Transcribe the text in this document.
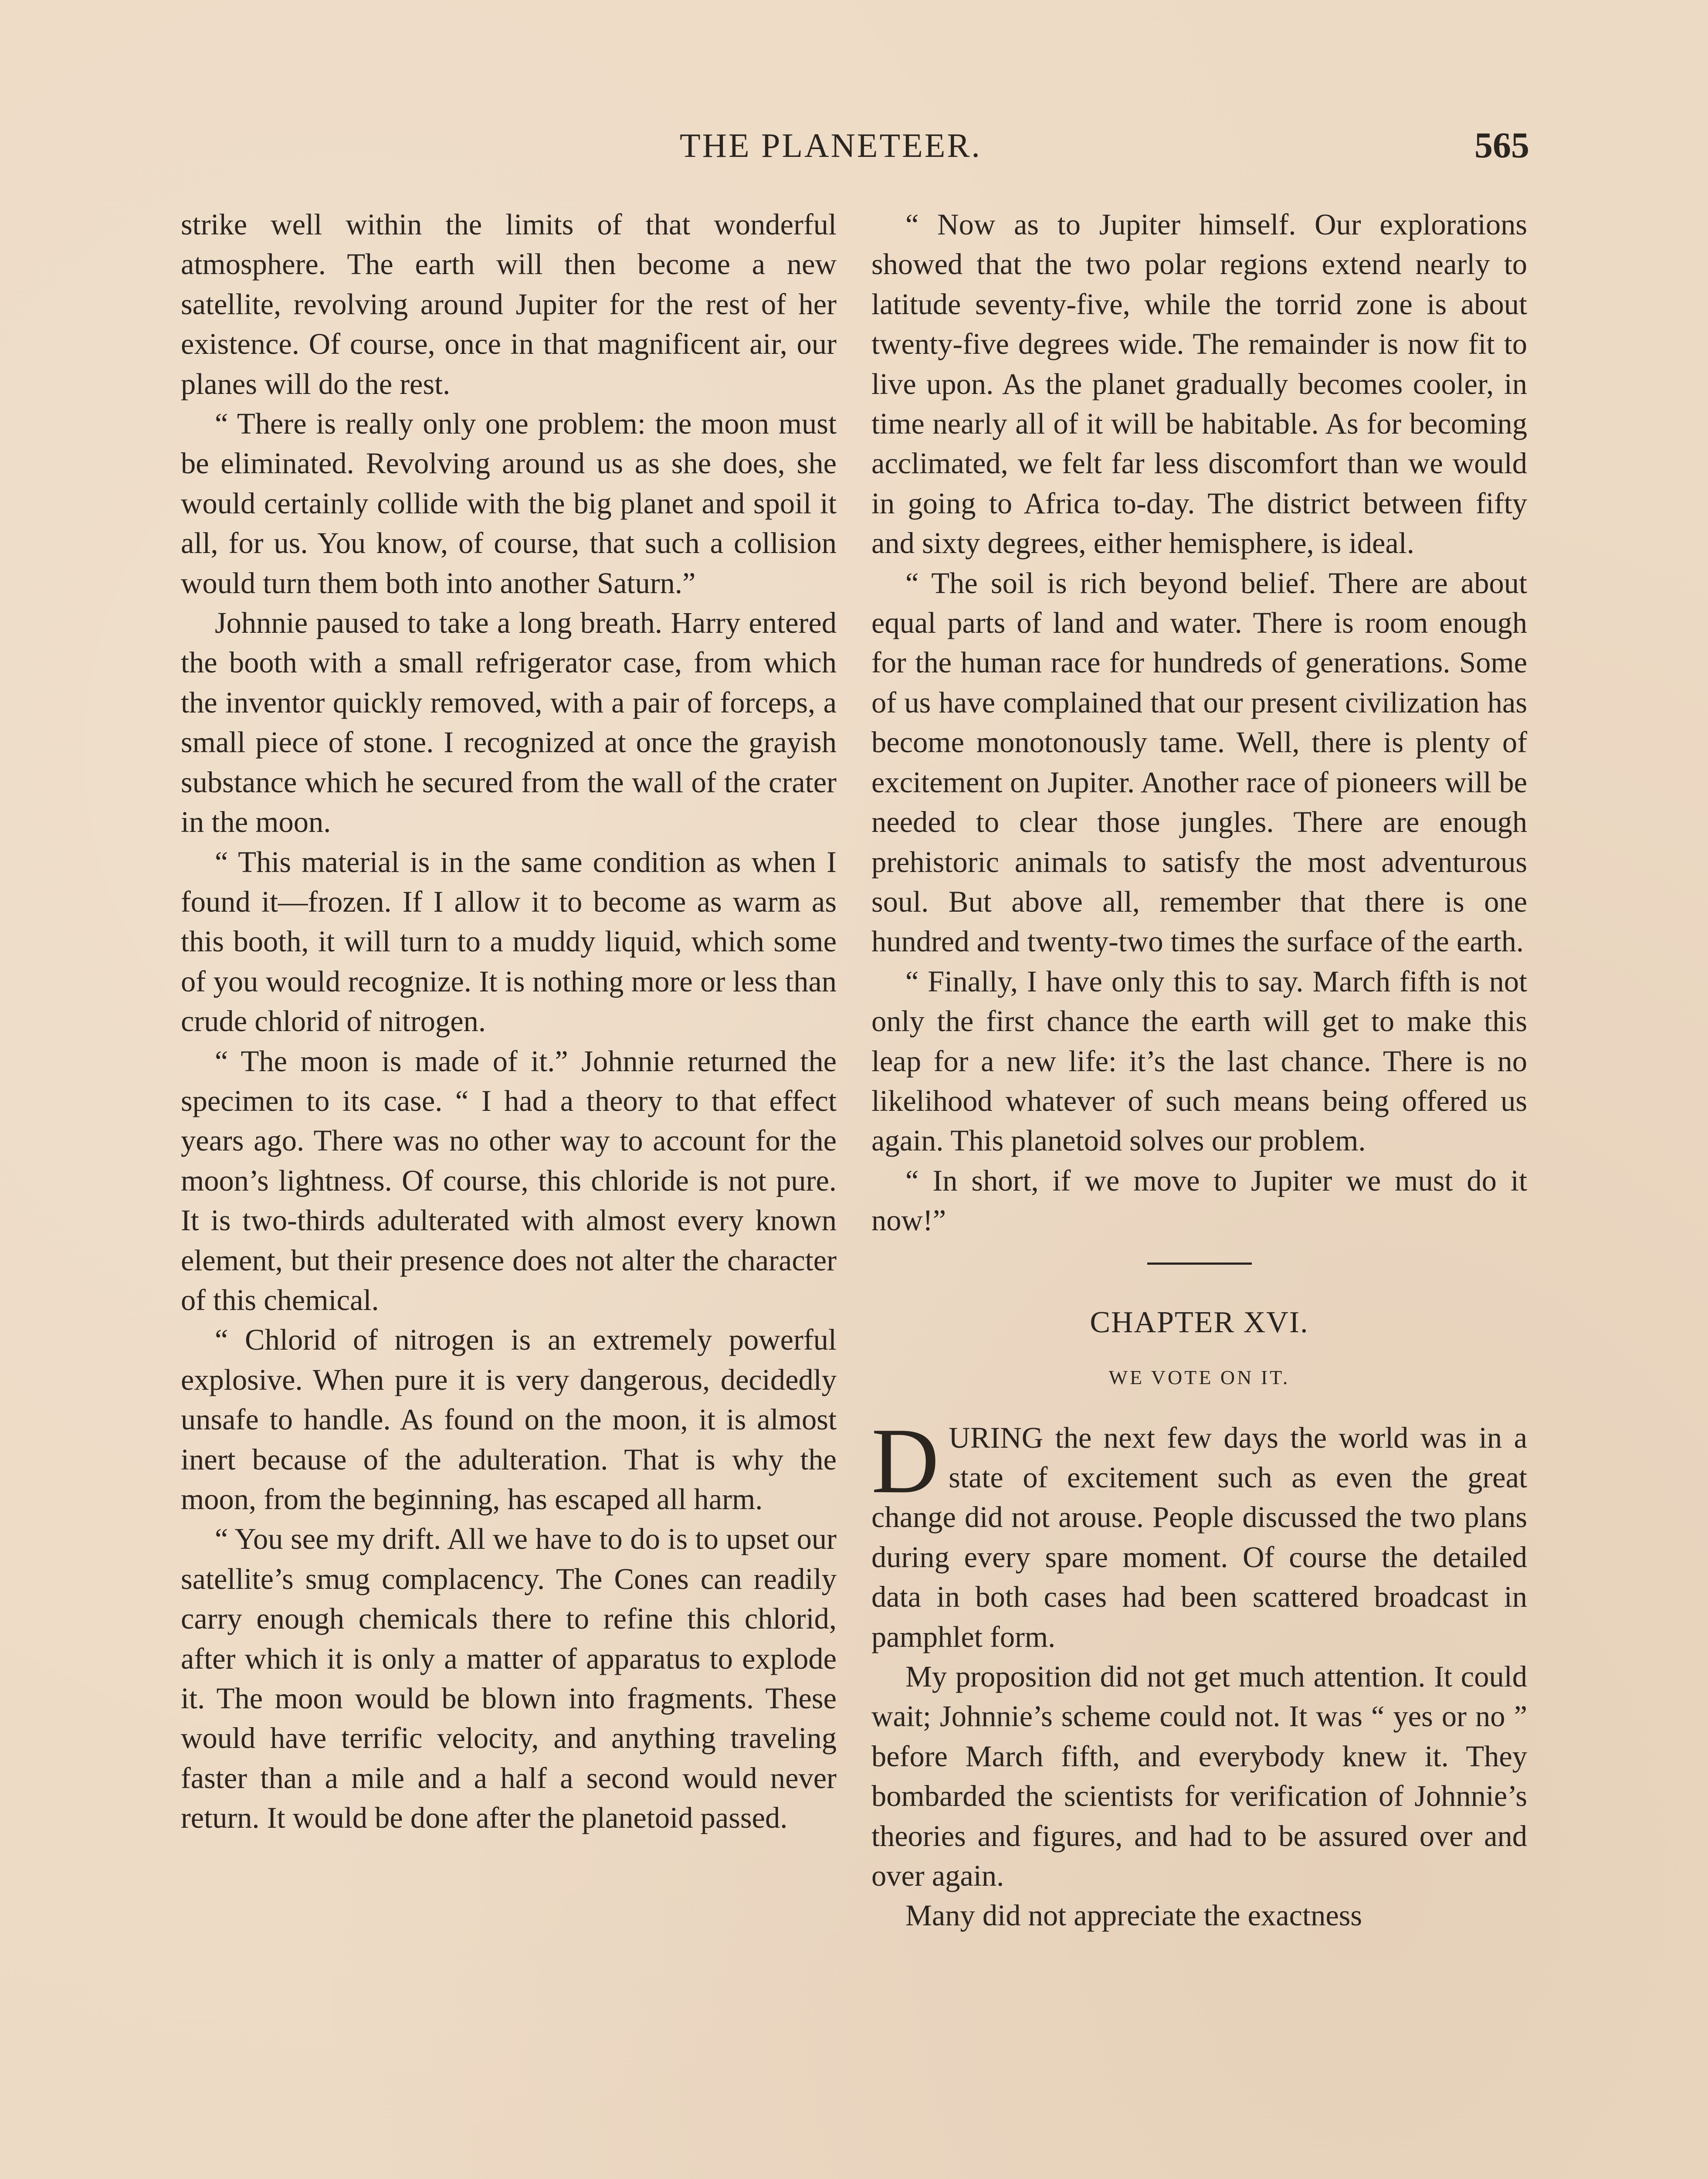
THE PLANETEER.	565

strike well within the limits of that wonderful atmosphere. The earth will then become a new satellite, revolving around Jupiter for the rest of her existence. Of course, once in that magnificent air, our planes will do the rest.

“ There is really only one problem: the moon must be eliminated. Revolving around us as she does, she would certainly collide with the big planet and spoil it all, for us. You know, of course, that such a collision would turn them both into another Saturn.”

Johnnie paused to take a long breath. Harry entered the booth with a small refrigerator case, from which the inventor quickly removed, with a pair of forceps, a small piece of stone. I recognized at once the grayish substance which he secured from the wall of the crater in the moon.

“ This material is in the same condition as when I found it—frozen. If I allow it to become as warm as this booth, it will turn to a muddy liquid, which some of you would recognize. It is nothing more or less than crude chlorid of nitrogen.

“ The moon is made of it.” Johnnie returned the specimen to its case. “ I had a theory to that effect years ago. There was no other way to account for the moon’s lightness. Of course, this chloride is not pure. It is two-thirds adulterated with almost every known element, but their presence does not alter the character of this chemical.

“ Chlorid of nitrogen is an extremely powerful explosive. When pure it is very dangerous, decidedly unsafe to handle. As found on the moon, it is almost inert because of the adulteration. That is why the moon, from the beginning, has escaped all harm.

“ You see my drift. All we have to do is to upset our satellite’s smug complacency. The Cones can readily carry enough chemicals there to refine this chlorid, after which it is only a matter of apparatus to explode it. The moon would be blown into fragments. These would have terrific velocity, and anything traveling faster than a mile and a half a second would never return. It would be done after the planetoid passed.

“ Now as to Jupiter himself. Our explorations showed that the two polar regions extend nearly to latitude seventy-five, while the torrid zone is about twenty-five degrees wide. The remainder is now fit to live upon. As the planet gradually becomes cooler, in time nearly all of it will be habitable. As for becoming acclimated, we felt far less discomfort than we would in going to Africa to-day. The district between fifty and sixty degrees, either hemisphere, is ideal.

“ The soil is rich beyond belief. There are about equal parts of land and water. There is room enough for the human race for hundreds of generations. Some of us have complained that our present civilization has become monotonously tame. Well, there is plenty of excitement on Jupiter. Another race of pioneers will be needed to clear those jungles. There are enough prehistoric animals to satisfy the most adventurous soul. But above all, remember that there is one hundred and twenty-two times the surface of the earth.

“ Finally, I have only this to say. March fifth is not only the first chance the earth will get to make this leap for a new life: it’s the last chance. There is no likelihood whatever of such means being offered us again. This planetoid solves our problem.

“ In short, if we move to Jupiter we must do it now!”

CHAPTER XVI.
WE VOTE ON IT.

DURING the next few days the world was in a state of excitement such as even the great change did not arouse. People discussed the two plans during every spare moment. Of course the detailed data in both cases had been scattered broadcast in pamphlet form.

My proposition did not get much attention. It could wait; Johnnie’s scheme could not. It was “ yes or no ” before March fifth, and everybody knew it. They bombarded the scientists for verification of Johnnie’s theories and figures, and had to be assured over and over again.

Many did not appreciate the exactness
